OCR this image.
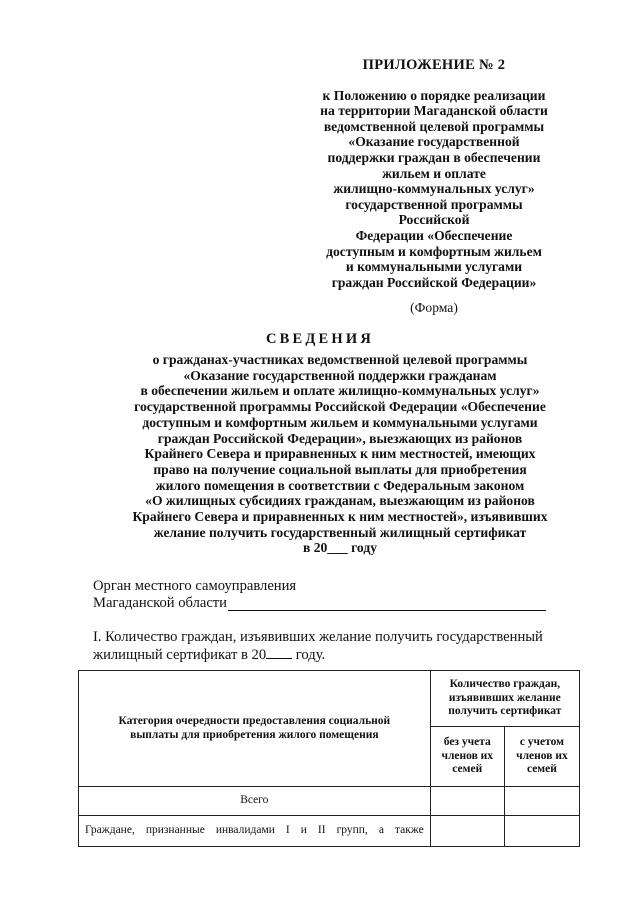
ПРИЛОЖЕНИЕ № 2
к Положению о порядке реализации
на территории Магаданской области
ведомственной целевой программы
«Оказание государственной
поддержки граждан в обеспечении
жильем и оплате
жилищно-коммунальных услуг»
государственной программы
Российской
Федерации «Обеспечение
доступным и комфортным жильем
и коммунальными услугами
граждан Российской Федерации»
(Форма)
СВЕДЕНИЯ
о гражданах-участниках ведомственной целевой программы
«Оказание государственной поддержки гражданам
в обеспечении жильем и оплате жилищно-коммунальных услуг»
государственной программы Российской Федерации «Обеспечение
доступным и комфортным жильем и коммунальными услугами
граждан Российской Федерации», выезжающих из районов
Крайнего Севера и приравненных к ним местностей, имеющих
право на получение социальной выплаты для приобретения
жилого помещения в соответствии с Федеральным законом
«О жилищных субсидиях гражданам, выезжающим из районов
Крайнего Севера и приравненных к ним местностей», изъявивших
желание получить государственный жилищный сертификат
в 20___ году
Орган местного самоуправления
Магаданской области
I. Количество граждан, изъявивших желание получить государственный
жилищный сертификат в 20 году.
Категория очередности предоставления социальной выплаты для приобретения жилого помещения	Количество граждан, изъявивших желание получить сертификат	

	без учета членов их семей	с учетом членов их семей

Всего		
Граждане, признанные инвалидами I и II групп, а также		
